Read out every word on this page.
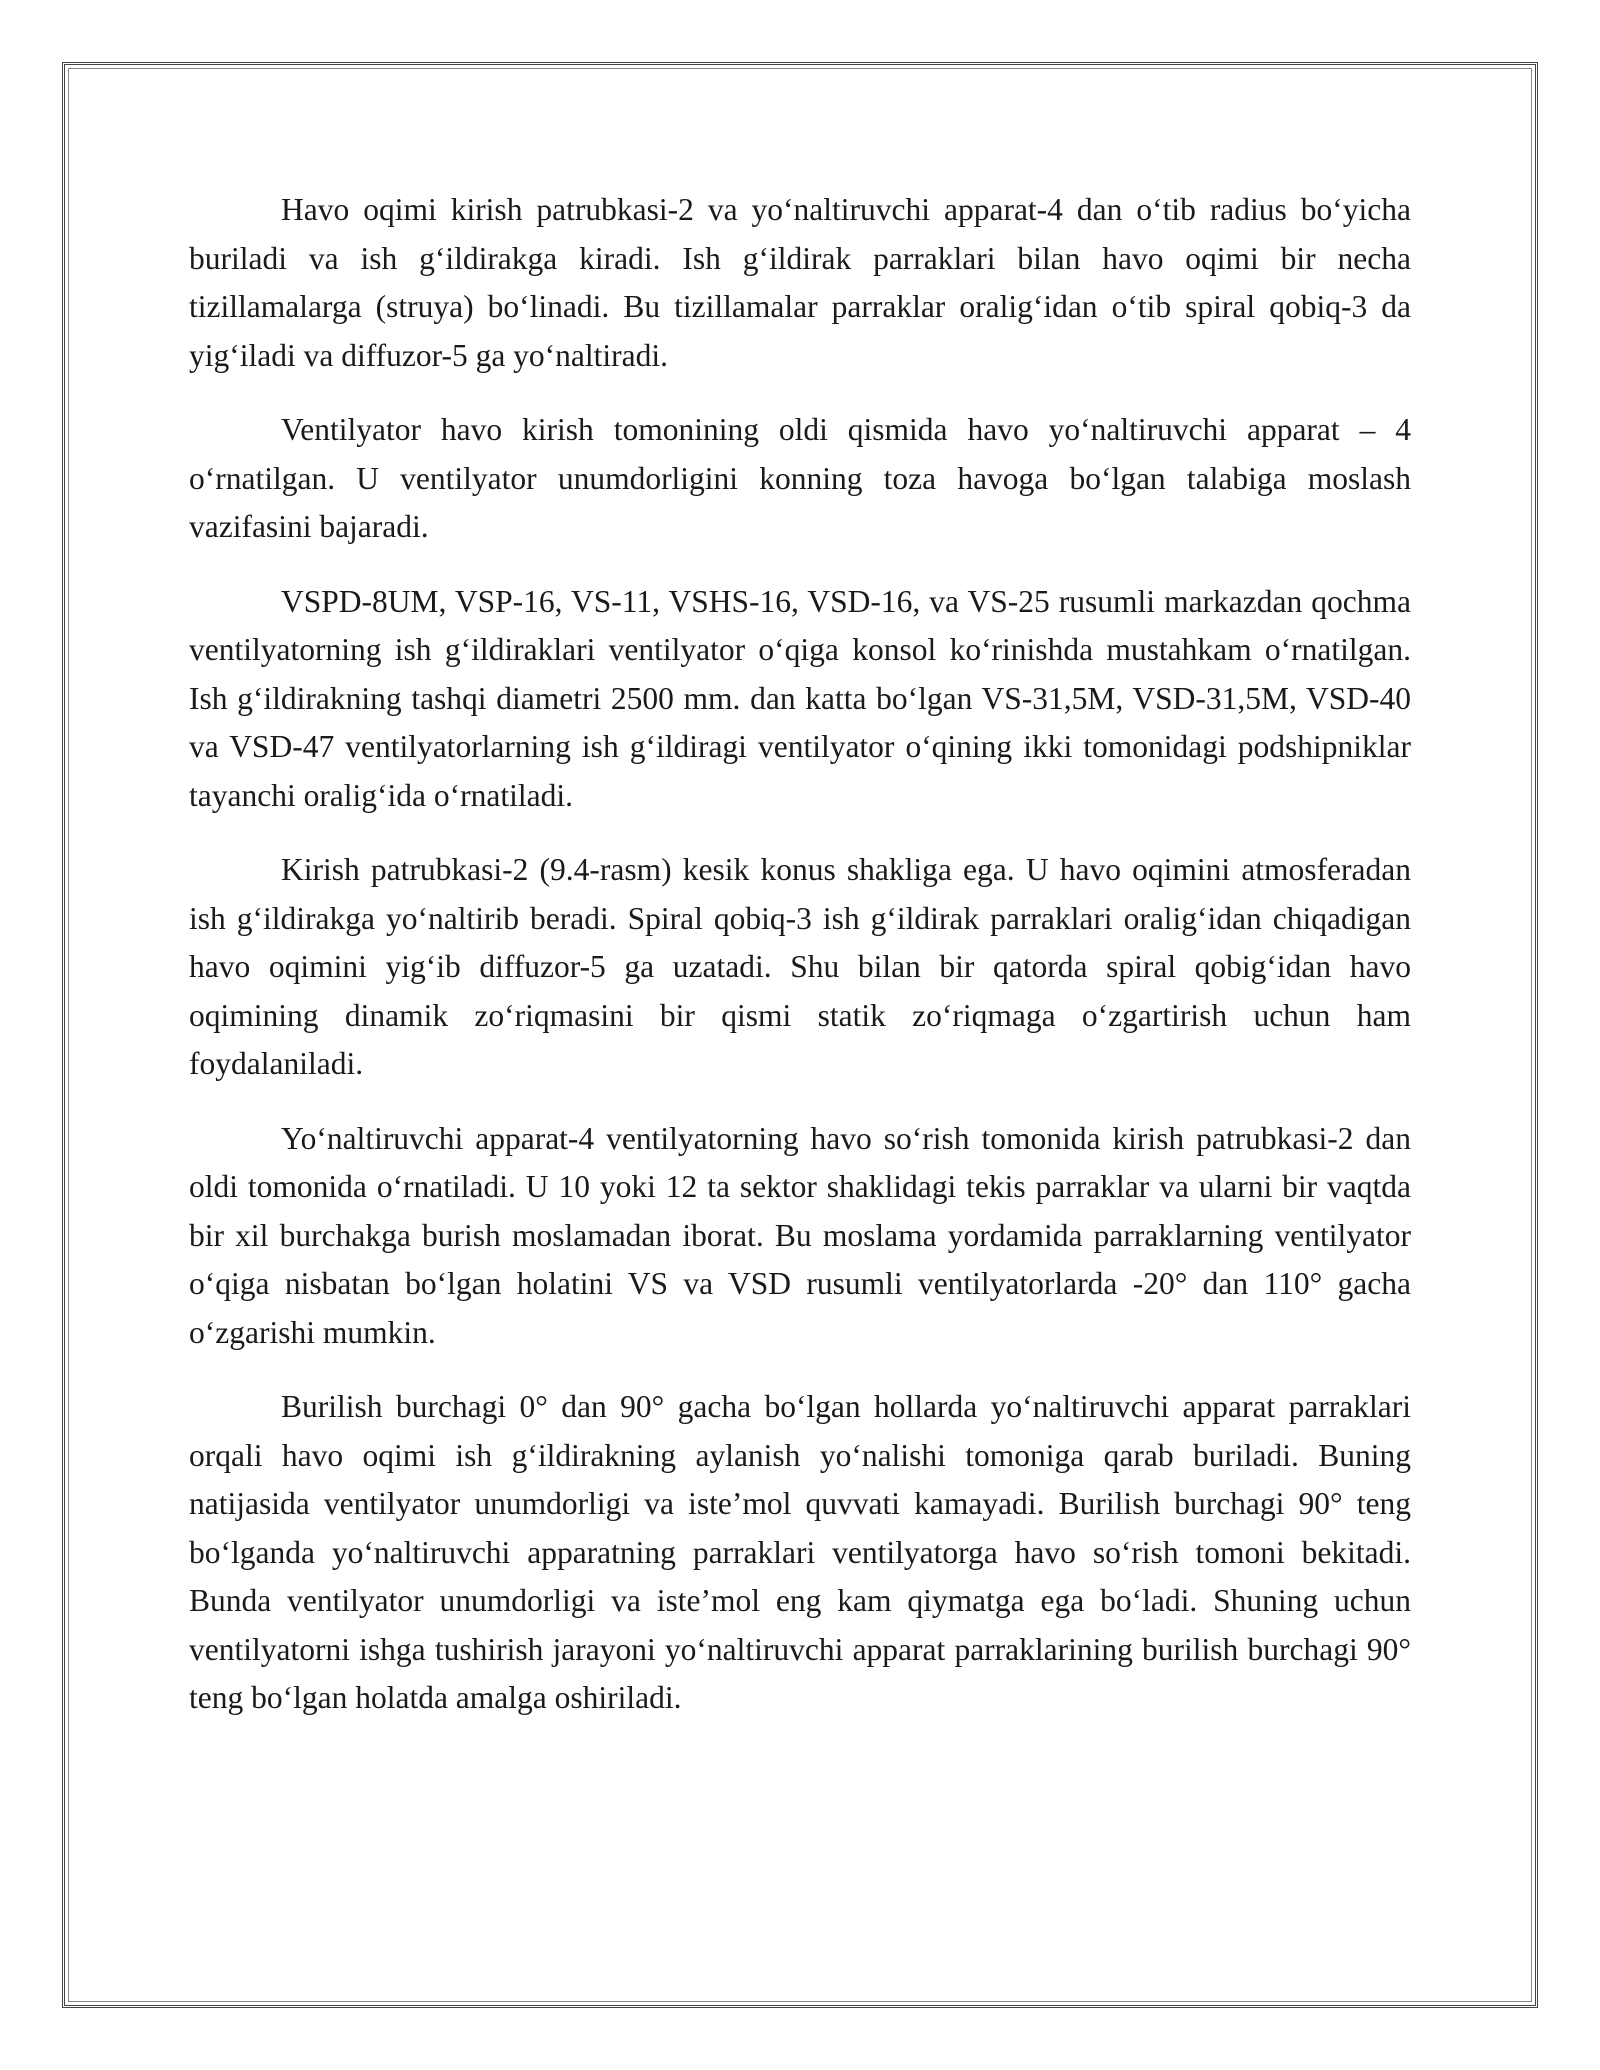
Havo oqimi kirish patrubkasi-2 va yo‘naltiruvchi apparat-4 dan o‘tib radius bo‘yicha buriladi va ish g‘ildirakga kiradi. Ish g‘ildirak parraklari bilan havo oqimi bir necha tizillamalarga (struya) bo‘linadi. Bu tizillamalar parraklar oralig‘idan o‘tib spiral qobiq-3 da yig‘iladi va diffuzor-5 ga yo‘naltiradi.

Ventilyator havo kirish tomonining oldi qismida havo yo‘naltiruvchi apparat – 4 o‘rnatilgan. U ventilyator unumdorligini konning toza havoga bo‘lgan talabiga moslash vazifasini bajaradi.

VSPD-8UM, VSP-16, VS-11, VSHS-16, VSD-16, va VS-25 rusumli markazdan qochma ventilyatorning ish g‘ildiraklari ventilyator o‘qiga konsol ko‘rinishda mustahkam o‘rnatilgan. Ish g‘ildirakning tashqi diametri 2500 mm. dan katta bo‘lgan VS-31,5M, VSD-31,5M, VSD-40 va VSD-47 ventilyatorlarning ish g‘ildiragi ventilyator o‘qining ikki tomonidagi podshipniklar tayanchi oralig‘ida o‘rnatiladi.

Kirish patrubkasi-2 (9.4-rasm) kesik konus shakliga ega. U havo oqimini atmosferadan ish g‘ildirakga yo‘naltirib beradi. Spiral qobiq-3 ish g‘ildirak parraklari oralig‘idan chiqadigan havo oqimini yig‘ib diffuzor-5 ga uzatadi. Shu bilan bir qatorda spiral qobig‘idan havo oqimining dinamik zo‘riqmasini bir qismi statik zo‘riqmaga o‘zgartirish uchun ham foydalaniladi.

Yo‘naltiruvchi apparat-4 ventilyatorning havo so‘rish tomonida kirish patrubkasi-2 dan oldi tomonida o‘rnatiladi. U 10 yoki 12 ta sektor shaklidagi tekis parraklar va ularni bir vaqtda bir xil burchakga burish moslamadan iborat. Bu moslama yordamida parraklarning ventilyator o‘qiga nisbatan bo‘lgan holatini VS va VSD rusumli ventilyatorlarda -20° dan 110° gacha o‘zgarishi mumkin.

Burilish burchagi 0° dan 90° gacha bo‘lgan hollarda yo‘naltiruvchi apparat parraklari orqali havo oqimi ish g‘ildirakning aylanish yo‘nalishi tomoniga qarab buriladi. Buning natijasida ventilyator unumdorligi va iste’mol quvvati kamayadi. Burilish burchagi 90° teng bo‘lganda yo‘naltiruvchi apparatning parraklari ventilyatorga havo so‘rish tomoni bekitadi. Bunda ventilyator unumdorligi va iste’mol eng kam qiymatga ega bo‘ladi. Shuning uchun ventilyatorni ishga tushirish jarayoni yo‘naltiruvchi apparat parraklarining burilish burchagi 90° teng bo‘lgan holatda amalga oshiriladi.
